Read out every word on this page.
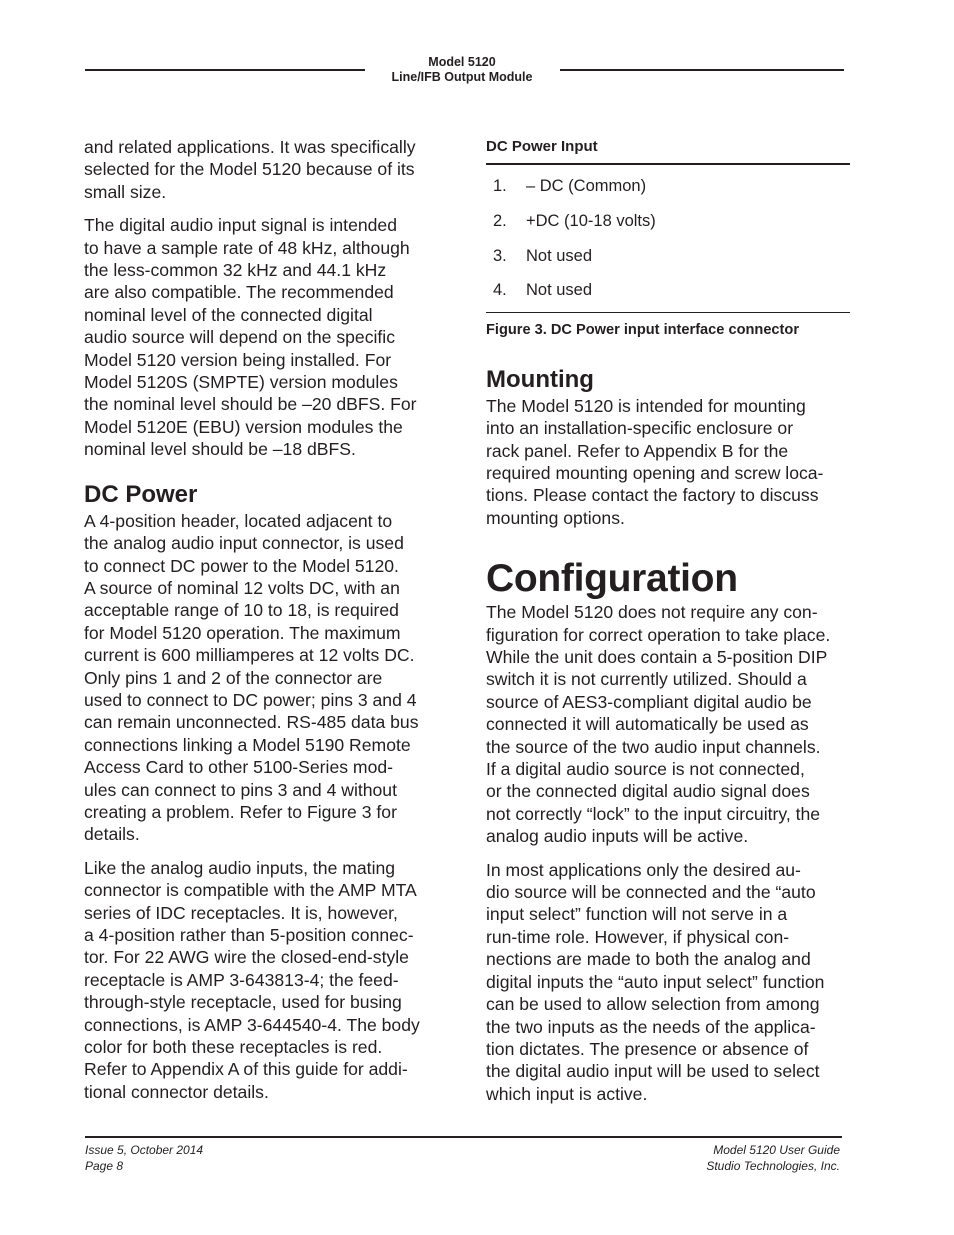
Model 5120
Line/IFB Output Module

and related applications. It was specifically
selected for the Model 5120 because of its
small size.

The digital audio input signal is intended
to have a sample rate of 48 kHz, although
the less-common 32 kHz and 44.1 kHz
are also compatible. The recommended
nominal level of the connected digital
audio source will depend on the specific
Model 5120 version being installed. For
Model 5120S (SMPTE) version modules
the nominal level should be –20 dBFS. For
Model 5120E (EBU) version modules the
nominal level should be –18 dBFS.

DC Power

A 4-position header, located adjacent to
the analog audio input connector, is used
to connect DC power to the Model 5120.
A source of nominal 12 volts DC, with an
acceptable range of 10 to 18, is required
for Model 5120 operation. The maximum
current is 600 milliamperes at 12 volts DC.
Only pins 1 and 2 of the connector are
used to connect to DC power; pins 3 and 4
can remain unconnected. RS-485 data bus
connections linking a Model 5190 Remote
Access Card to other 5100-Series mod-
ules can connect to pins 3 and 4 without
creating a problem. Refer to Figure 3 for
details.

Like the analog audio inputs, the mating
connector is compatible with the AMP MTA
series of IDC receptacles. It is, however,
a 4-position rather than 5-position connec-
tor. For 22 AWG wire the closed-end-style
receptacle is AMP 3-643813-4; the feed-
through-style receptacle, used for busing
connections, is AMP 3-644540-4. The body
color for both these receptacles is red.
Refer to Appendix A of this guide for addi-
tional connector details.

DC Power Input
1.	– DC (Common)
2.	+DC (10-18 volts)
3.	Not used
4.	Not used
Figure 3. DC Power input interface connector
Mounting

The Model 5120 is intended for mounting
into an installation-specific enclosure or
rack panel. Refer to Appendix B for the
required mounting opening and screw loca-
tions. Please contact the factory to discuss
mounting options.

Configuration

The Model 5120 does not require any con-
figuration for correct operation to take place.
While the unit does contain a 5-position DIP
switch it is not currently utilized. Should a
source of AES3-compliant digital audio be
connected it will automatically be used as
the source of the two audio input channels.
If a digital audio source is not connected,
or the connected digital audio signal does
not correctly “lock” to the input circuitry, the
analog audio inputs will be active.

In most applications only the desired au-
dio source will be connected and the “auto
input select” function will not serve in a
run-time role. However, if physical con-
nections are made to both the analog and
digital inputs the “auto input select” function
can be used to allow selection from among
the two inputs as the needs of the applica-
tion dictates. The presence or absence of
the digital audio input will be used to select
which input is active.

Issue 5, October 2014
Page 8
Model 5120 User Guide
Studio Technologies, Inc.
